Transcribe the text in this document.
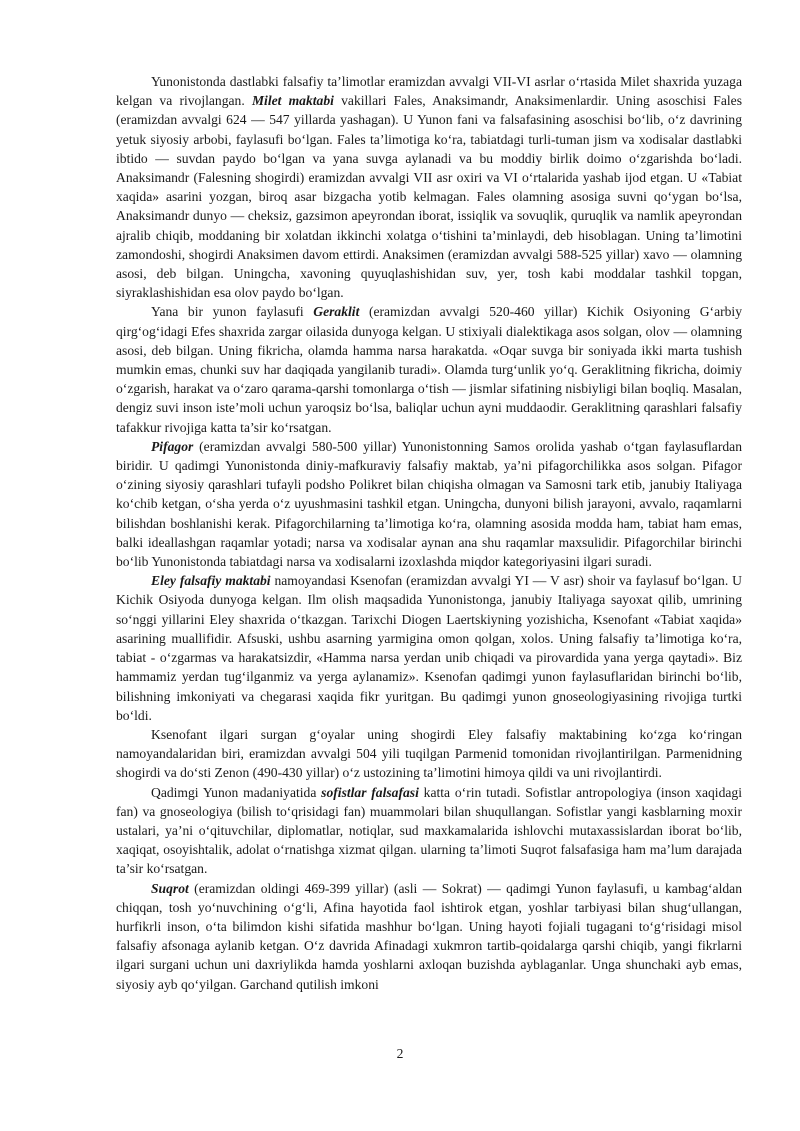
Yunonistonda dastlabki falsafiy ta’limotlar eramizdan avvalgi VII-VI asrlar o‘rtasida Milet shaxrida yuzaga kelgan va rivojlangan. Milet maktabi vakillari Fales, Anaksimandr, Anaksimenlardir. Uning asoschisi Fales (eramizdan avvalgi 624 — 547 yillarda yashagan). U Yunon fani va falsafasining asoschisi bo‘lib, o‘z davrining yetuk siyosiy arbobi, faylasufi bo‘lgan. Fales ta’limotiga ko‘ra, tabiatdagi turli-tuman jism va xodisalar dastlabki ibtido — suvdan paydo bo‘lgan va yana suvga aylanadi va bu moddiy birlik doimo o‘zgarishda bo‘ladi. Anaksimandr (Falesning shogirdi) eramizdan avvalgi VII asr oxiri va VI o‘rtalarida yashab ijod etgan. U «Tabiat xaqida» asarini yozgan, biroq asar bizgacha yotib kelmagan. Fales olamning asosiga suvni qo‘ygan bo‘lsa, Anaksimandr dunyo — cheksiz, gazsimon apeyrondan iborat, issiqlik va sovuqlik, quruqlik va namlik apeyrondan ajralib chiqib, moddaning bir xolatdan ikkinchi xolatga o‘tishini ta’minlaydi, deb hisoblagan. Uning ta’limotini zamondoshi, shogirdi Anaksimen davom ettirdi. Anaksimen (eramizdan avvalgi 588-525 yillar) xavo — olamning asosi, deb bilgan. Uningcha, xavoning quyuqlashishidan suv, yer, tosh kabi moddalar tashkil topgan, siyraklashishidan esa olov paydo bo‘lgan.

Yana bir yunon faylasufi Geraklit (eramizdan avvalgi 520-460 yillar) Kichik Osiyoning G‘arbiy qirg‘og‘idagi Efes shaxrida zargar oilasida dunyoga kelgan. U stixiyali dialektikaga asos solgan, olov — olamning asosi, deb bilgan. Uning fikricha, olamda hamma narsa harakatda. «Oqar suvga bir soniyada ikki marta tushish mumkin emas, chunki suv har daqiqada yangilanib turadi». Olamda turg‘unlik yo‘q. Geraklitning fikricha, doimiy o‘zgarish, harakat va o‘zaro qarama-qarshi tomonlarga o‘tish — jismlar sifatining nisbiyligi bilan boqliq. Masalan, dengiz suvi inson iste’moli uchun yaroqsiz bo‘lsa, baliqlar uchun ayni muddaodir. Geraklitning qarashlari falsafiy tafakkur rivojiga katta ta’sir ko‘rsatgan.

Pifagor (eramizdan avvalgi 580-500 yillar) Yunonistonning Samos orolida yashab o‘tgan faylasuflardan biridir. U qadimgi Yunonistonda diniy-mafkuraviy falsafiy maktab, ya’ni pifagorchilikka asos solgan. Pifagor o‘zining siyosiy qarashlari tufayli podsho Polikret bilan chiqisha olmagan va Samosni tark etib, janubiy Italiyaga ko‘chib ketgan, o‘sha yerda o‘z uyushmasini tashkil etgan. Uningcha, dunyoni bilish jarayoni, avvalo, raqamlarni bilishdan boshlanishi kerak. Pifagorchilarning ta’limotiga ko‘ra, olamning asosida modda ham, tabiat ham emas, balki ideallashgan raqamlar yotadi; narsa va xodisalar aynan ana shu raqamlar maxsulidir. Pifagorchilar birinchi bo‘lib Yunonistonda tabiatdagi narsa va xodisalarni izoxlashda miqdor kategoriyasini ilgari suradi.

Eley falsafiy maktabi namoyandasi Ksenofan (eramizdan avvalgi YI — V asr) shoir va faylasuf bo‘lgan. U Kichik Osiyoda dunyoga kelgan. Ilm olish maqsadida Yunonistonga, janubiy Italiyaga sayoxat qilib, umrining so‘nggi yillarini Eley shaxrida o‘tkazgan. Tarixchi Diogen Laertskiyning yozishicha, Ksenofant «Tabiat xaqida» asarining muallifidir. Afsuski, ushbu asarning yarmigina omon qolgan, xolos. Uning falsafiy ta’limotiga ko‘ra, tabiat - o‘zgarmas va harakatsizdir, «Hamma narsa yerdan unib chiqadi va pirovardida yana yerga qaytadi». Biz hammamiz yerdan tug‘ilganmiz va yerga aylanamiz». Ksenofan qadimgi yunon faylasuflaridan birinchi bo‘lib, bilishning imkoniyati va chegarasi xaqida fikr yuritgan. Bu qadimgi yunon gnoseologiyasining rivojiga turtki bo‘ldi.

Ksenofant ilgari surgan g‘oyalar uning shogirdi Eley falsafiy maktabining ko‘zga ko‘ringan namoyandalaridan biri, eramizdan avvalgi 504 yili tuqilgan Parmenid tomonidan rivojlantirilgan. Parmenidning shogirdi va do‘sti Zenon (490-430 yillar) o‘z ustozining ta’limotini himoya qildi va uni rivojlantirdi.

Qadimgi Yunon madaniyatida sofistlar falsafasi katta o‘rin tutadi. Sofistlar antropologiya (inson xaqidagi fan) va gnoseologiya (bilish to‘qrisidagi fan) muammolari bilan shuqullangan. Sofistlar yangi kasblarning moxir ustalari, ya’ni o‘qituvchilar, diplomatlar, notiqlar, sud maxkamalarida ishlovchi mutaxassislardan iborat bo‘lib, xaqiqat, osoyishtalik, adolat o‘rnatishga xizmat qilgan. ularning ta’limoti Suqrot falsafasiga ham ma’lum darajada ta’sir ko‘rsatgan.

Suqrot (eramizdan oldingi 469-399 yillar) (asli — Sokrat) — qadimgi Yunon faylasufi, u kambag‘aldan chiqqan, tosh yo‘nuvchining o‘g‘li, Afina hayotida faol ishtirok etgan, yoshlar tarbiyasi bilan shug‘ullangan, hurfikrli inson, o‘ta bilimdon kishi sifatida mashhur bo‘lgan. Uning hayoti fojiali tugagani to‘g‘risidagi misol falsafiy afsonaga aylanib ketgan. O‘z davrida Afinadagi xukmron tartib-qoidalarga qarshi chiqib, yangi fikrlarni ilgari surgani uchun uni daxriylikda hamda yoshlarni axloqan buzishda ayblaganlar. Unga shunchaki ayb emas, siyosiy ayb qo‘yilgan. Garchand qutilish imkoni

2
